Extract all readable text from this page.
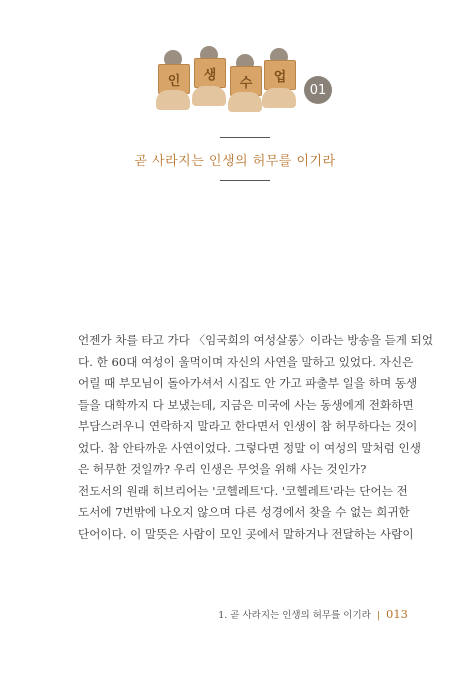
인	생
수	업
01
곧 사라지는 인생의 허무를 이기라
언젠가 차를 타고 가다 〈임국희의 여성살롱〉이라는 방송을 듣게 되었
다. 한 60대 여성이 울먹이며 자신의 사연을 말하고 있었다. 자신은
어릴 때 부모님이 돌아가셔서 시집도 안 가고 파출부 일을 하며 동생
들을 대학까지 다 보냈는데, 지금은 미국에 사는 동생에게 전화하면
부담스러우니 연락하지 말라고 한다면서 인생이 참 허무하다는 것이
었다. 참 안타까운 사연이었다. 그렇다면 정말 이 여성의 말처럼 인생
은 허무한 것일까? 우리 인생은 무엇을 위해 사는 것인가?
전도서의 원래 히브리어는 '코헬레트'다. '코헬레트'라는 단어는 전
도서에 7번밖에 나오지 않으며 다른 성경에서 찾을 수 없는 희귀한
단어이다. 이 말뜻은 사람이 모인 곳에서 말하거나 전달하는 사람이
1. 곧 사라지는 인생의 허무를 이기라 | 013
